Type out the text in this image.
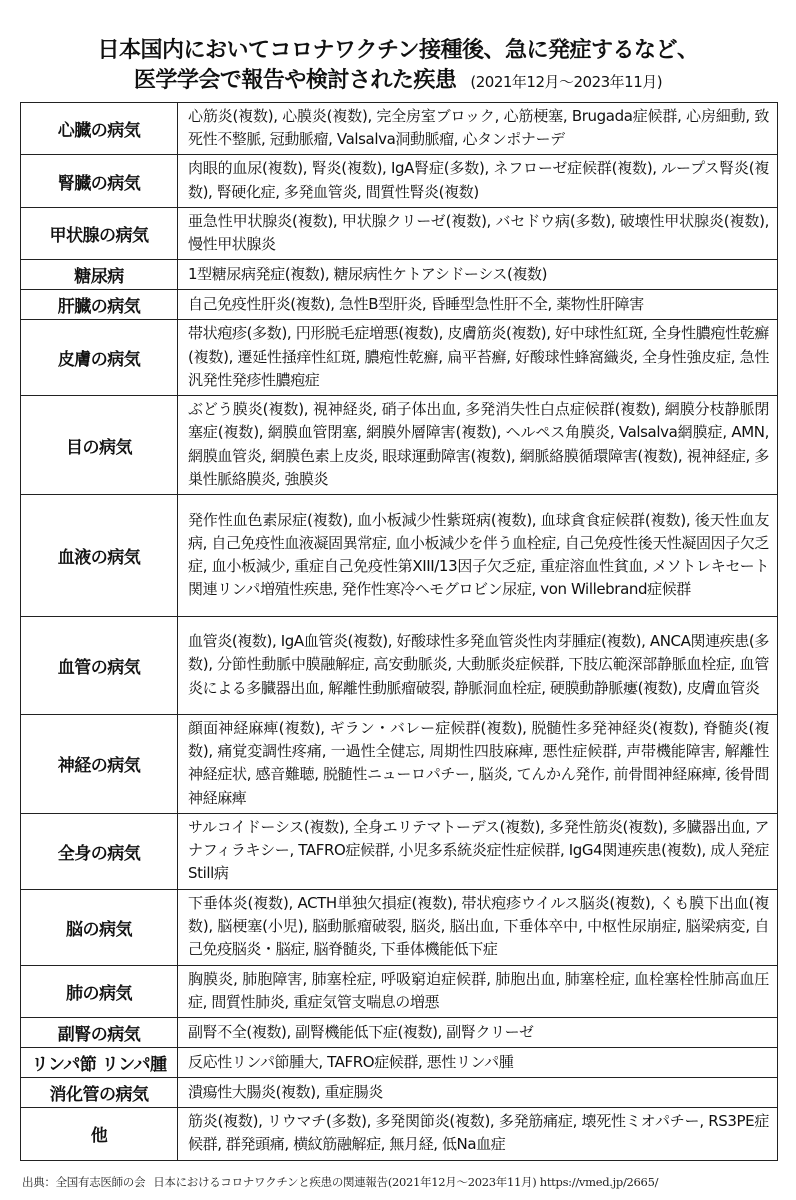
日本国内においてコロナワクチン接種後、急に発症するなど、
医学学会で報告や検討された疾患 (2021年12月～2023年11月)
心臓の病気	心筋炎(複数), 心膜炎(複数), 完全房室ブロック, 心筋梗塞, Brugada症候群, 心房細動, 致死性不整脈, 冠動脈瘤, Valsalva洞動脈瘤, 心タンポナーデ
腎臓の病気	肉眼的血尿(複数), 腎炎(複数), IgA腎症(多数), ネフローゼ症候群(複数), ループス腎炎(複数), 腎硬化症, 多発血管炎, 間質性腎炎(複数)
甲状腺の病気	亜急性甲状腺炎(複数), 甲状腺クリーゼ(複数), バセドウ病(多数), 破壊性甲状腺炎(複数), 慢性甲状腺炎
糖尿病	1型糖尿病発症(複数), 糖尿病性ケトアシドーシス(複数)
肝臓の病気	自己免疫性肝炎(複数), 急性B型肝炎, 昏睡型急性肝不全, 薬物性肝障害
皮膚の病気	帯状疱疹(多数), 円形脱毛症増悪(複数), 皮膚筋炎(複数), 好中球性紅斑, 全身性膿疱性乾癬(複数), 遷延性掻痒性紅斑, 膿疱性乾癬, 扁平苔癬, 好酸球性蜂窩織炎, 全身性強皮症, 急性汎発性発疹性膿疱症
目の病気	ぶどう膜炎(複数), 視神経炎, 硝子体出血, 多発消失性白点症候群(複数), 網膜分枝静脈閉塞症(複数), 網膜血管閉塞, 網膜外層障害(複数), ヘルペス角膜炎, Valsalva網膜症, AMN, 網膜血管炎, 網膜色素上皮炎, 眼球運動障害(複数), 網脈絡膜循環障害(複数), 視神経症, 多巣性脈絡膜炎, 強膜炎
血液の病気	発作性血色素尿症(複数), 血小板減少性紫斑病(複数), 血球貪食症候群(複数), 後天性血友病, 自己免疫性血液凝固異常症, 血小板減少を伴う血栓症, 自己免疫性後天性凝固因子欠乏症, 血小板減少, 重症自己免疫性第XIII/13因子欠乏症, 重症溶血性貧血, メソトレキセート関連リンパ増殖性疾患, 発作性寒冷ヘモグロビン尿症, von Willebrand症候群
血管の病気	血管炎(複数), IgA血管炎(複数), 好酸球性多発血管炎性肉芽腫症(複数), ANCA関連疾患(多数), 分節性動脈中膜融解症, 高安動脈炎, 大動脈炎症候群, 下肢広範深部静脈血栓症, 血管炎による多臓器出血, 解離性動脈瘤破裂, 静脈洞血栓症, 硬膜動静脈瘻(複数), 皮膚血管炎
神経の病気	顔面神経麻痺(複数), ギラン・バレー症候群(複数), 脱髄性多発神経炎(複数), 脊髄炎(複数), 痛覚変調性疼痛, 一過性全健忘, 周期性四肢麻痺, 悪性症候群, 声帯機能障害, 解離性神経症状, 感音難聴, 脱髄性ニューロパチー, 脳炎, てんかん発作, 前骨間神経麻痺, 後骨間神経麻痺
全身の病気	サルコイドーシス(複数), 全身エリテマトーデス(複数), 多発性筋炎(複数), 多臓器出血, アナフィラキシー, TAFRO症候群, 小児多系統炎症性症候群, IgG4関連疾患(複数), 成人発症Still病
脳の病気	下垂体炎(複数), ACTH単独欠損症(複数), 帯状疱疹ウイルス脳炎(複数), くも膜下出血(複数), 脳梗塞(小児), 脳動脈瘤破裂, 脳炎, 脳出血, 下垂体卒中, 中枢性尿崩症, 脳梁病変, 自己免疫脳炎・脳症, 脳脊髄炎, 下垂体機能低下症
肺の病気	胸膜炎, 肺胞障害, 肺塞栓症, 呼吸窮迫症候群, 肺胞出血, 肺塞栓症, 血栓塞栓性肺高血圧症, 間質性肺炎, 重症気管支喘息の増悪
副腎の病気	副腎不全(複数), 副腎機能低下症(複数), 副腎クリーゼ
リンパ節 リンパ腫	反応性リンパ節腫大, TAFRO症候群, 悪性リンパ腫
消化管の病気	潰瘍性大腸炎(複数), 重症腸炎
他	筋炎(複数), リウマチ(多数), 多発関節炎(複数), 多発筋痛症, 壊死性ミオパチー, RS3PE症候群, 群発頭痛, 横紋筋融解症, 無月経, 低Na血症
出典：全国有志医師の会 日本におけるコロナワクチンと疾患の関連報告(2021年12月～2023年11月) https://vmed.jp/2665/
